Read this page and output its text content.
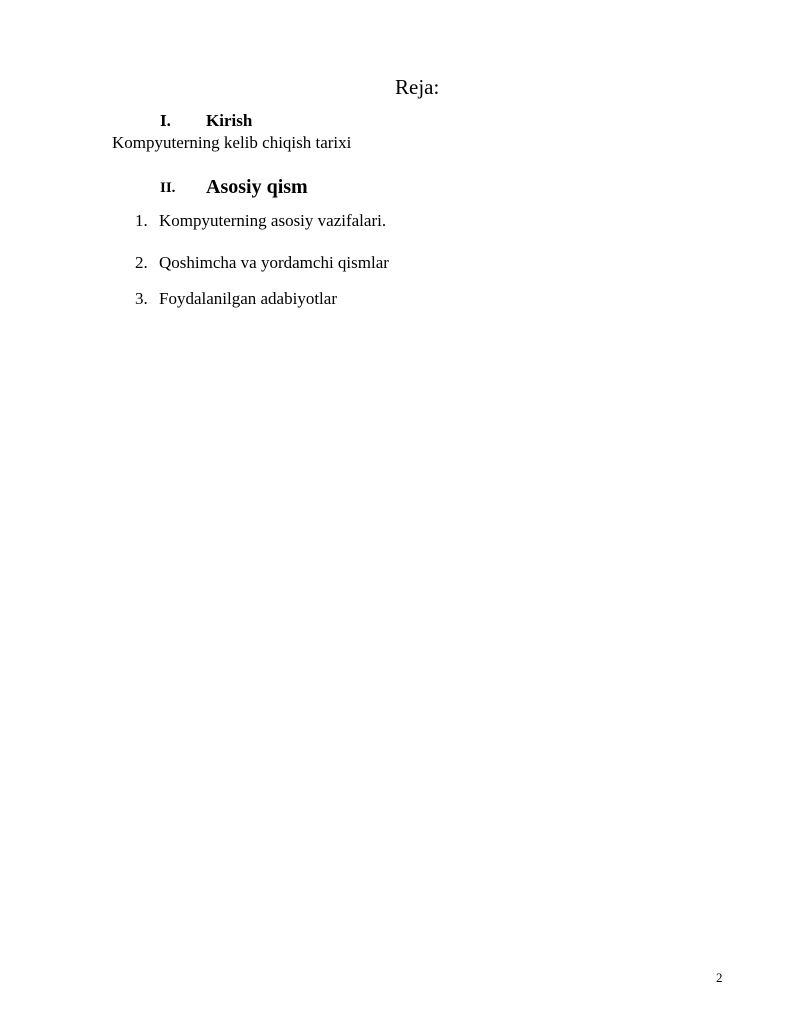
Reja:
I. Kirish
Kompyuterning kelib chiqish tarixi
II. Asosiy qism
1. Kompyuterning asosiy vazifalari.
2. Qoshimcha va yordamchi qismlar
3. Foydalanilgan adabiyotlar
2
